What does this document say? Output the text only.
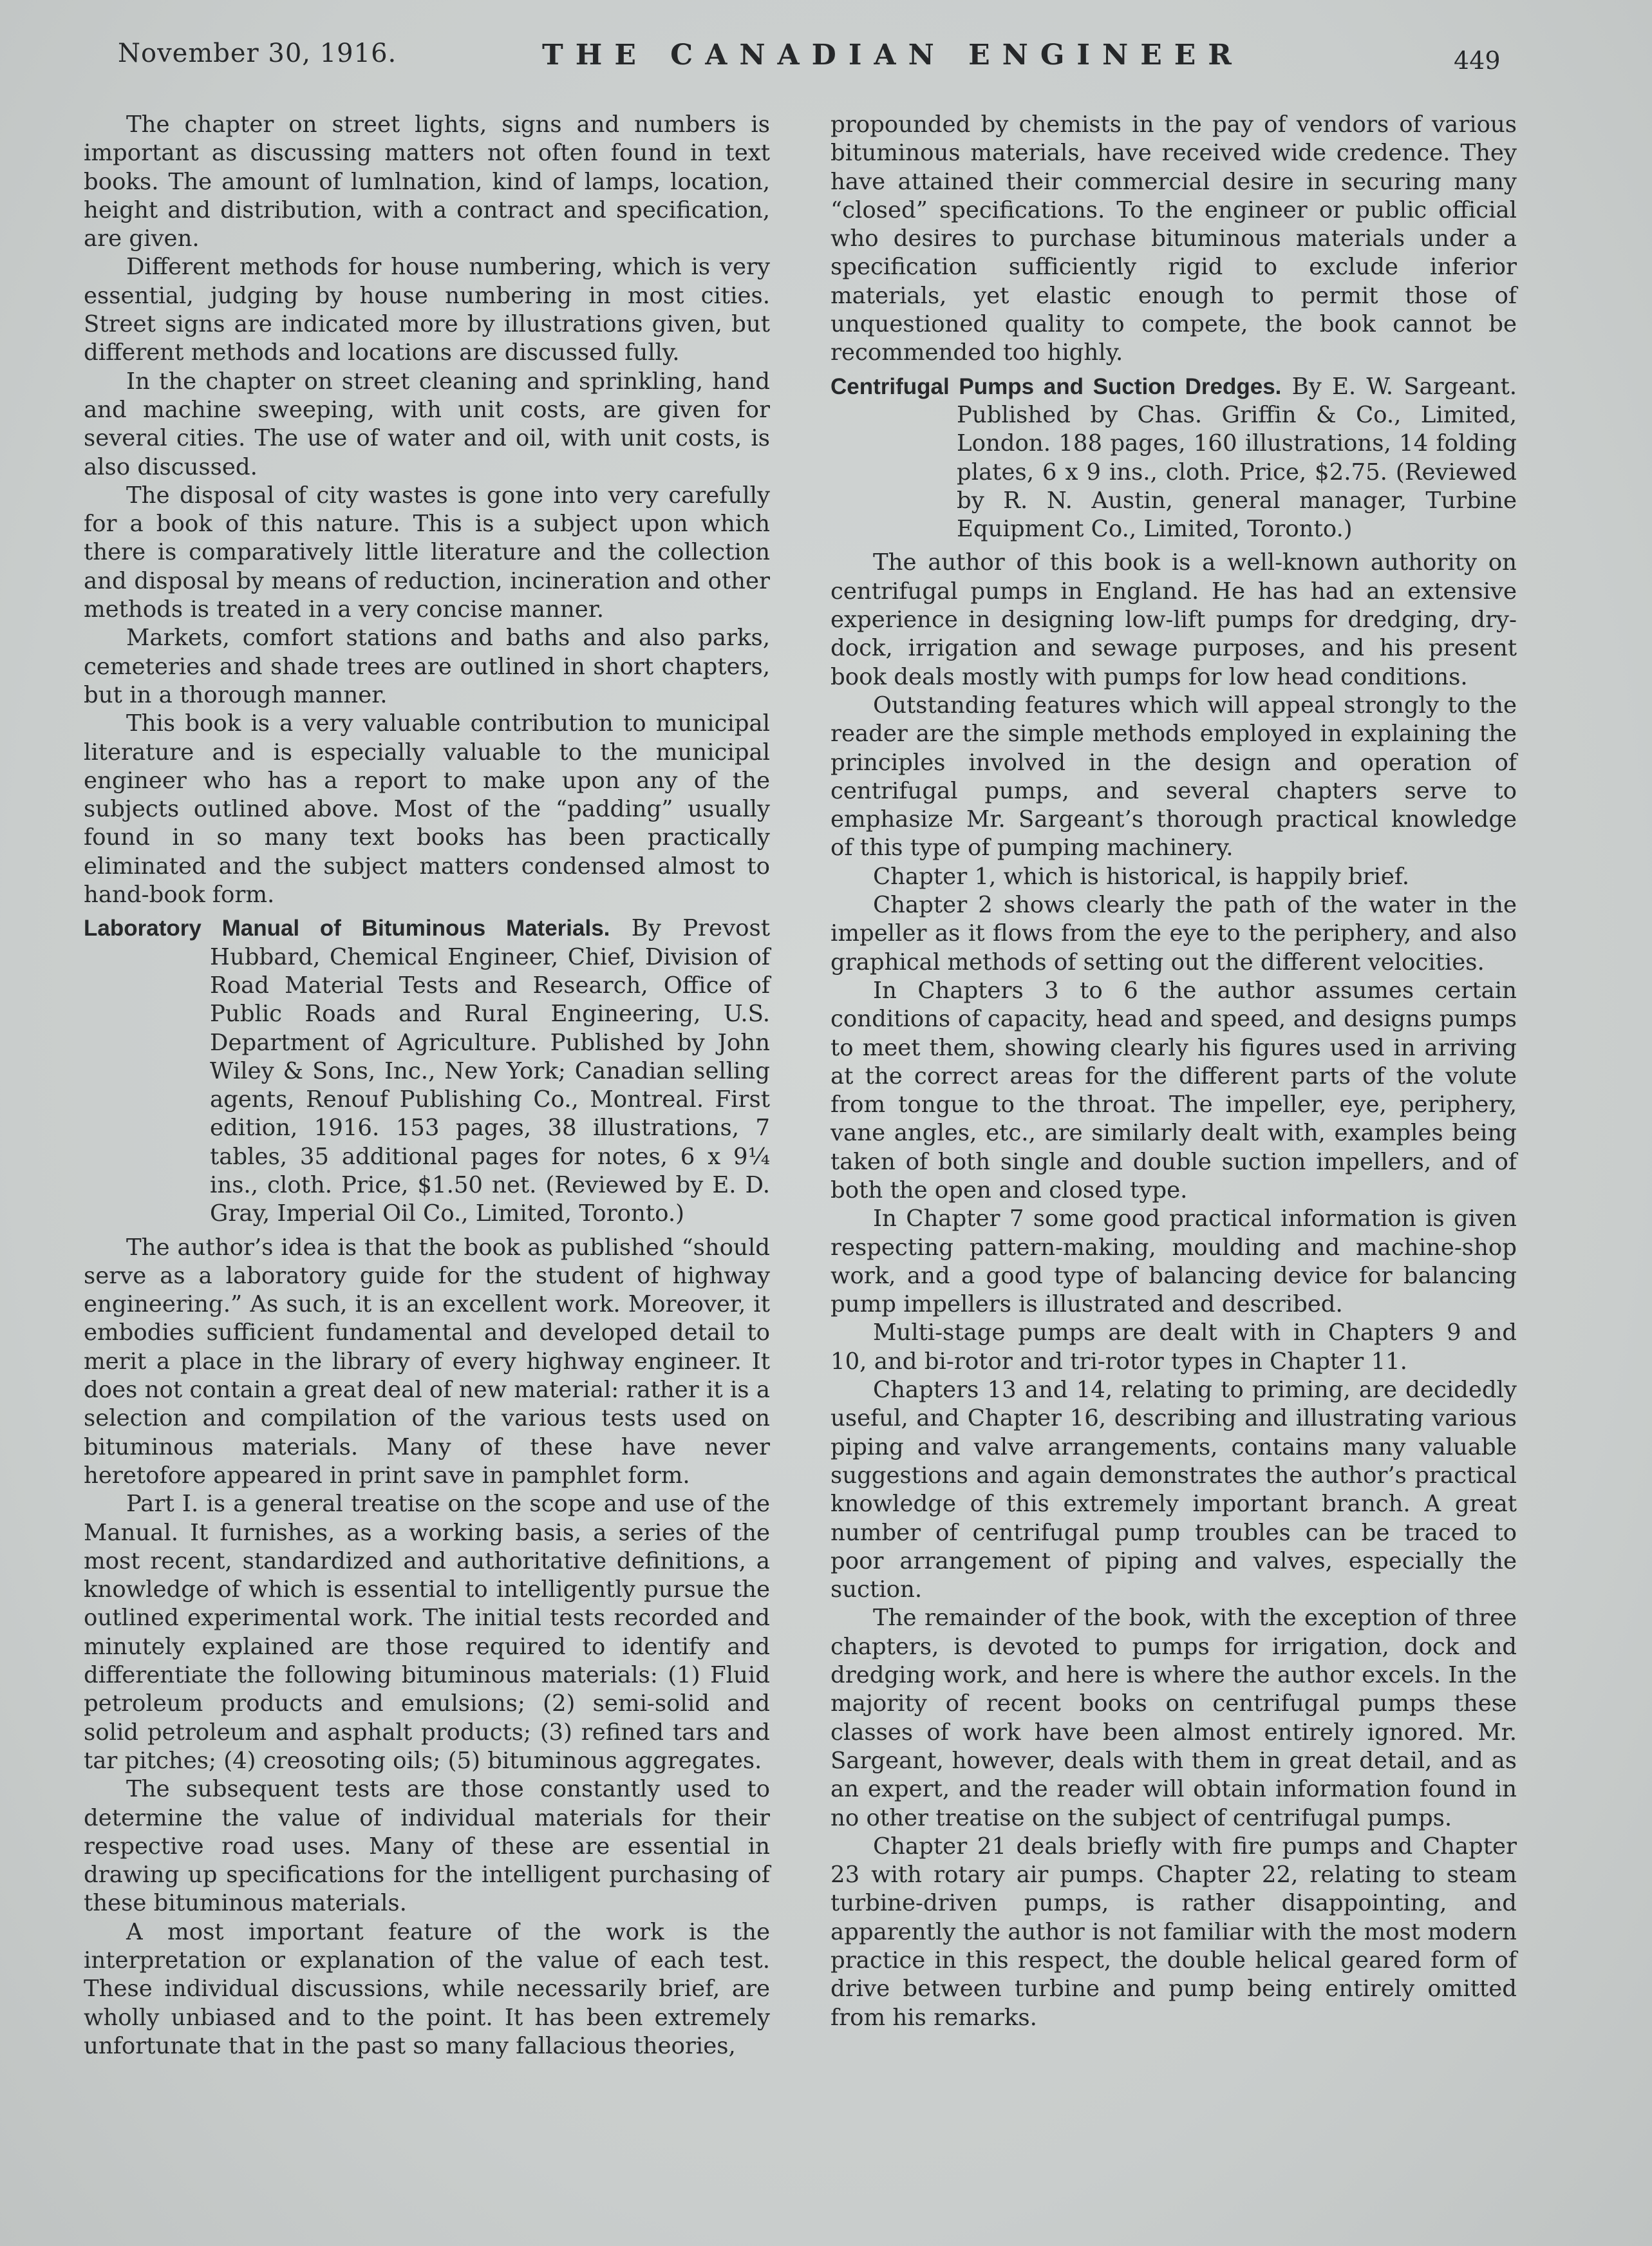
November 30, 1916.	THE CANADIAN ENGINEER	449

The chapter on street lights, signs and numbers is important as discussing matters not often found in text books. The amount of lumlnation, kind of lamps, location, height and distribution, with a contract and specification, are given.

Different methods for house numbering, which is very essential, judging by house numbering in most cities. Street signs are indicated more by illustrations given, but different methods and locations are discussed fully.

In the chapter on street cleaning and sprinkling, hand and machine sweeping, with unit costs, are given for several cities. The use of water and oil, with unit costs, is also discussed.

The disposal of city wastes is gone into very carefully for a book of this nature. This is a subject upon which there is comparatively little literature and the collection and disposal by means of reduction, incineration and other methods is treated in a very concise manner.

Markets, comfort stations and baths and also parks, cemeteries and shade trees are outlined in short chapters, but in a thorough manner.

This book is a very valuable contribution to municipal literature and is especially valuable to the municipal engineer who has a report to make upon any of the subjects outlined above. Most of the “padding” usually found in so many text books has been practically eliminated and the subject matters condensed almost to hand-book form.

Laboratory Manual of Bituminous Materials. By Prevost Hubbard, Chemical Engineer, Chief, Division of Road Material Tests and Research, Office of Public Roads and Rural Engineering, U.S. Department of Agriculture. Published by John Wiley & Sons, Inc., New York; Canadian selling agents, Renouf Publishing Co., Montreal. First edition, 1916. 153 pages, 38 illustrations, 7 tables, 35 additional pages for notes, 6 x 9¼ ins., cloth. Price, $1.50 net. (Reviewed by E. D. Gray, Imperial Oil Co., Limited, Toronto.)

The author’s idea is that the book as published “should serve as a laboratory guide for the student of highway engineering.” As such, it is an excellent work. Moreover, it embodies sufficient fundamental and developed detail to merit a place in the library of every highway engineer. It does not contain a great deal of new material: rather it is a selection and compilation of the various tests used on bituminous materials. Many of these have never heretofore appeared in print save in pamphlet form.

Part I. is a general treatise on the scope and use of the Manual. It furnishes, as a working basis, a series of the most recent, standardized and authoritative definitions, a knowledge of which is essential to intelligently pursue the outlined experimental work. The initial tests recorded and minutely explained are those required to identify and differentiate the following bituminous materials: (1) Fluid petroleum products and emulsions; (2) semi-solid and solid petroleum and asphalt products; (3) refined tars and tar pitches; (4) creosoting oils; (5) bituminous aggregates.

The subsequent tests are those constantly used to determine the value of individual materials for their respective road uses. Many of these are essential in drawing up specifications for the intelligent purchasing of these bituminous materials.

A most important feature of the work is the interpretation or explanation of the value of each test. These individual discussions, while necessarily brief, are wholly unbiased and to the point. It has been extremely unfortunate that in the past so many fallacious theories,

propounded by chemists in the pay of vendors of various bituminous materials, have received wide credence. They have attained their commercial desire in securing many “closed” specifications. To the engineer or public official who desires to purchase bituminous materials under a specification sufficiently rigid to exclude inferior materials, yet elastic enough to permit those of unquestioned quality to compete, the book cannot be recommended too highly.

Centrifugal Pumps and Suction Dredges. By E. W. Sargeant. Published by Chas. Griffin & Co., Limited, London. 188 pages, 160 illustrations, 14 folding plates, 6 x 9 ins., cloth. Price, $2.75. (Reviewed by R. N. Austin, general manager, Turbine Equipment Co., Limited, Toronto.)

The author of this book is a well-known authority on centrifugal pumps in England. He has had an extensive experience in designing low-lift pumps for dredging, dry-dock, irrigation and sewage purposes, and his present book deals mostly with pumps for low head conditions.

Outstanding features which will appeal strongly to the reader are the simple methods employed in explaining the principles involved in the design and operation of centrifugal pumps, and several chapters serve to emphasize Mr. Sargeant’s thorough practical knowledge of this type of pumping machinery.

Chapter 1, which is historical, is happily brief.

Chapter 2 shows clearly the path of the water in the impeller as it flows from the eye to the periphery, and also graphical methods of setting out the different velocities.

In Chapters 3 to 6 the author assumes certain conditions of capacity, head and speed, and designs pumps to meet them, showing clearly his figures used in arriving at the correct areas for the different parts of the volute from tongue to the throat. The impeller, eye, periphery, vane angles, etc., are similarly dealt with, examples being taken of both single and double suction impellers, and of both the open and closed type.

In Chapter 7 some good practical information is given respecting pattern-making, moulding and machine-shop work, and a good type of balancing device for balancing pump impellers is illustrated and described.

Multi-stage pumps are dealt with in Chapters 9 and 10, and bi-rotor and tri-rotor types in Chapter 11.

Chapters 13 and 14, relating to priming, are decidedly useful, and Chapter 16, describing and illustrating various piping and valve arrangements, contains many valuable suggestions and again demonstrates the author’s practical knowledge of this extremely important branch. A great number of centrifugal pump troubles can be traced to poor arrangement of piping and valves, especially the suction.

The remainder of the book, with the exception of three chapters, is devoted to pumps for irrigation, dock and dredging work, and here is where the author excels. In the majority of recent books on centrifugal pumps these classes of work have been almost entirely ignored. Mr. Sargeant, however, deals with them in great detail, and as an expert, and the reader will obtain information found in no other treatise on the subject of centrifugal pumps.

Chapter 21 deals briefly with fire pumps and Chapter 23 with rotary air pumps. Chapter 22, relating to steam turbine-driven pumps, is rather disappointing, and apparently the author is not familiar with the most modern practice in this respect, the double helical geared form of drive between turbine and pump being entirely omitted from his remarks.
